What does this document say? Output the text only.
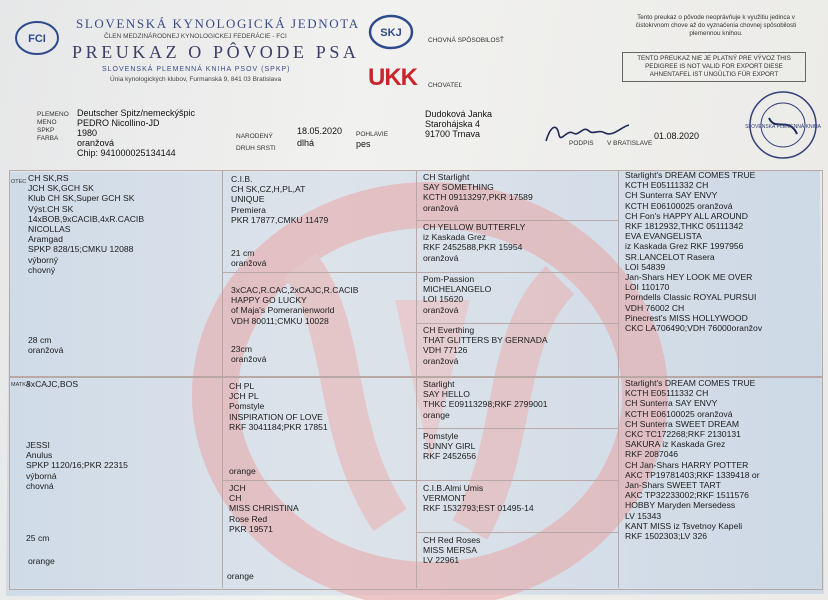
FCI
SLOVENSKÁ KYNOLOGICKÁ JEDNOTA
ČLEN MEDZINÁRODNEJ KYNOLOGICKEJ FEDERÁCIE - FCI
PREUKAZ O PÔVODE PSA
SLOVENSKÁ PLEMENNÁ KNIHA PSOV (SPKP)
Únia kynologických klubov, Furmanská 9, 841 03 Bratislava
SKJ
CHOVNÁ SPÔSOBILOSŤ
UKK CHOVATEĽ
Tento preukaz o pôvode neoprávňuje k využitiu jedinca v čistokrvnom chove až do vyznačenia chovnej spôsobilosti plemennou knihou.
TENTO PREUKAZ NIE JE PLATNÝ PRE VÝVOZ THIS PEDIGREE IS NOT VALID FOR EXPORT DIESE AHNENTAFEL IST UNGÜLTIG FÜR EXPORT
PLEMENO
MENO
SPKP
FARBA
Deutscher Spitz/nemeckýšpic
PEDRO Nicollino-JD
1980
oranžová
Chip: 941000025134144
NARODENÝ
DRUH SRSTI
18.05.2020
dlhá
POHLAVIE
pes
Dudoková Janka
Starohájska 4
91700 Trnava
PODPIS V BRATISLAVE
01.08.2020
SLOVENSKÁ PLEMENNÁ KNIHA
OTEC
MATKA
CH SK,RS
JCH SK,GCH SK
Klub CH SK,Super GCH SK
Výst.CH SK
14xBOB,9xCACIB,4xR.CACIB
NICOLLAS
Aramgad
SPKP 828/15;CMKU 12088
výborný
chovný
28 cm
oranžová
C.I.B.
CH SK,CZ,H,PL,AT
UNIQUE
Premiera
PKR 17877,CMKU 11479
21 cm
oranžová
3xCAC,R.CAC,2xCAJC,R.CACIB
HAPPY GO LUCKY
of Maja's Pomeranienworld
VDH 80011;CMKU 10028
23cm
oranžová
CH Starlight
SAY SOMETHING
KCTH 09113297,PKR 17589
oranžová
CH YELLOW BUTTERFLY
iz Kaskada Grez
RKF 2452588,PKR 15954
oranžová
Pom-Passion
MICHELANGELO
LOI 15620
oranžová
CH Everthing
THAT GLITTERS BY GERNADA
VDH 77126
oranžová
Starlight's DREAM COMES TRUE
KCTH E05111332 CH
CH Sunterra SAY ENVY
KCTH E06100025 oranžová
CH Fon's HAPPY ALL AROUND
RKF 1812932,THKC 05111342
EVA EVANGELISTA
iz Kaskada Grez RKF 1997956
SR.LANCELOT Rasera
LOI 54839
Jan-Shars HEY LOOK ME OVER
LOI 110170
Porndells Classic ROYAL PURSUI
VDH 76002 CH
Pinecrest's MISS HOLLYWOOD
CKC LA706490;VDH 76000oranžov
3xCAJC,BOS
JESSI
Anulus
SPKP 1120/16;PKR 22315
výborná
chovná
25 cm
orange
CH PL
JCH PL
Pomstyle
INSPIRATION OF LOVE
RKF 3041184;PKR 17851
orange
JCH
CH
MISS CHRISTINA
Rose Red
PKR 19571
orange
Starlight
SAY HELLO
THKC E09113298;RKF 2799001
orange
Pomstyle
SUNNY GIRL
RKF 2452656
C.I.B.Almi Umis
VERMONT
RKF 1532793;EST 01495-14
CH Red Roses
MISS MERSA
LV 22961
Starlight's DREAM COMES TRUE
KCTH E05111332 CH
CH Sunterra SAY ENVY
KCTH E06100025 oranžová
CH Sunterra SWEET DREAM
CKC TC172268;RKF 2130131
SAKURA iz Kaskada Grez
RKF 2087046
CH Jan-Shars HARRY POTTER
AKC TP19781403;RKF 1339418 or
Jan-Shars SWEET TART
AKC TP32233002;RKF 1511576
HOBBY Maryden Mersedess
LV 15343
KANT MISS iz Tsvetnoy Kapeli
RKF 1502303;LV 326
